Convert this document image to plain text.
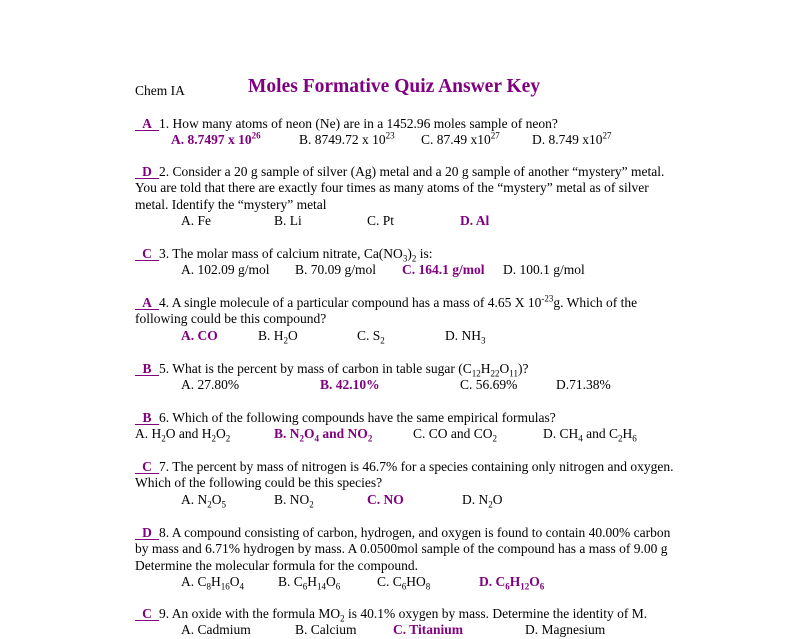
Chem IA	Moles Formative Quiz Answer Key
A 1. How many atoms of neon (Ne) are in a 1452.96 moles sample of neon?
A. 8.7497 x $10^{26}$	B. 8749.72 x $10^{23}$ C. 87.49 $x10^{27}$ D. 8.749 $x10^{27}$
D 2. Consider a 20 g sample of silver (Ag) metal and a 20 g sample of another “mystery” metal.
You are told that there are exactly four times as many atoms of the “mystery” metal as of silver
metal. Identify the “mystery” metal
A. Fe	B. Li	C. Pt	D. Al
C 3. The molar mass of calcium nitrate, $Ca(NO_3)_2$ is:
A. 102.09 g/mol B. 70.09 g/mol C. 164.1 g/mol D. 100.1 g/mol
A 4. A single molecule of a particular compound has a mass of 4.65 X $10^{-23}g$. Which of the
following could be this compound?
A. CO	B. $H_2O$	C. $S_2$	D. $NH_3$
B 5. What is the percent by mass of carbon in table sugar $(C_{12}H_{22}O_{11})$?
A. 27.80%	B. 42.10%	C. 56.69%	D.71.38%
B 6. Which of the following compounds have the same empirical formulas?
A. $H_2O$ and $H_2O_2$	B. $N_2O_4$ and $NO_2$	C. CO and $CO_2$	D. $CH_4$ and $C_2H_6$
C 7. The percent by mass of nitrogen is 46.7% for a species containing only nitrogen and oxygen.
Which of the following could be this species?
A. $N_2O_5$	B. $NO_2$	C. NO	D. $N_2O$
D 8. A compound consisting of carbon, hydrogen, and oxygen is found to contain 40.00% carbon
by mass and 6.71% hydrogen by mass. A 0.0500mol sample of the compound has a mass of 9.00 g
Determine the molecular formula for the compound.
A. $C_8H_{16}O_4$	B. $C_6H_{14}O_6$	C. $C_6HO_8$	D. $C_6H_{12}O_6$
C 9. An oxide with the formula $MO_2$ is 40.1% oxygen by mass. Determine the identity of M.
A. Cadmium	B. Calcium	C. Titanium	D. Magnesium
